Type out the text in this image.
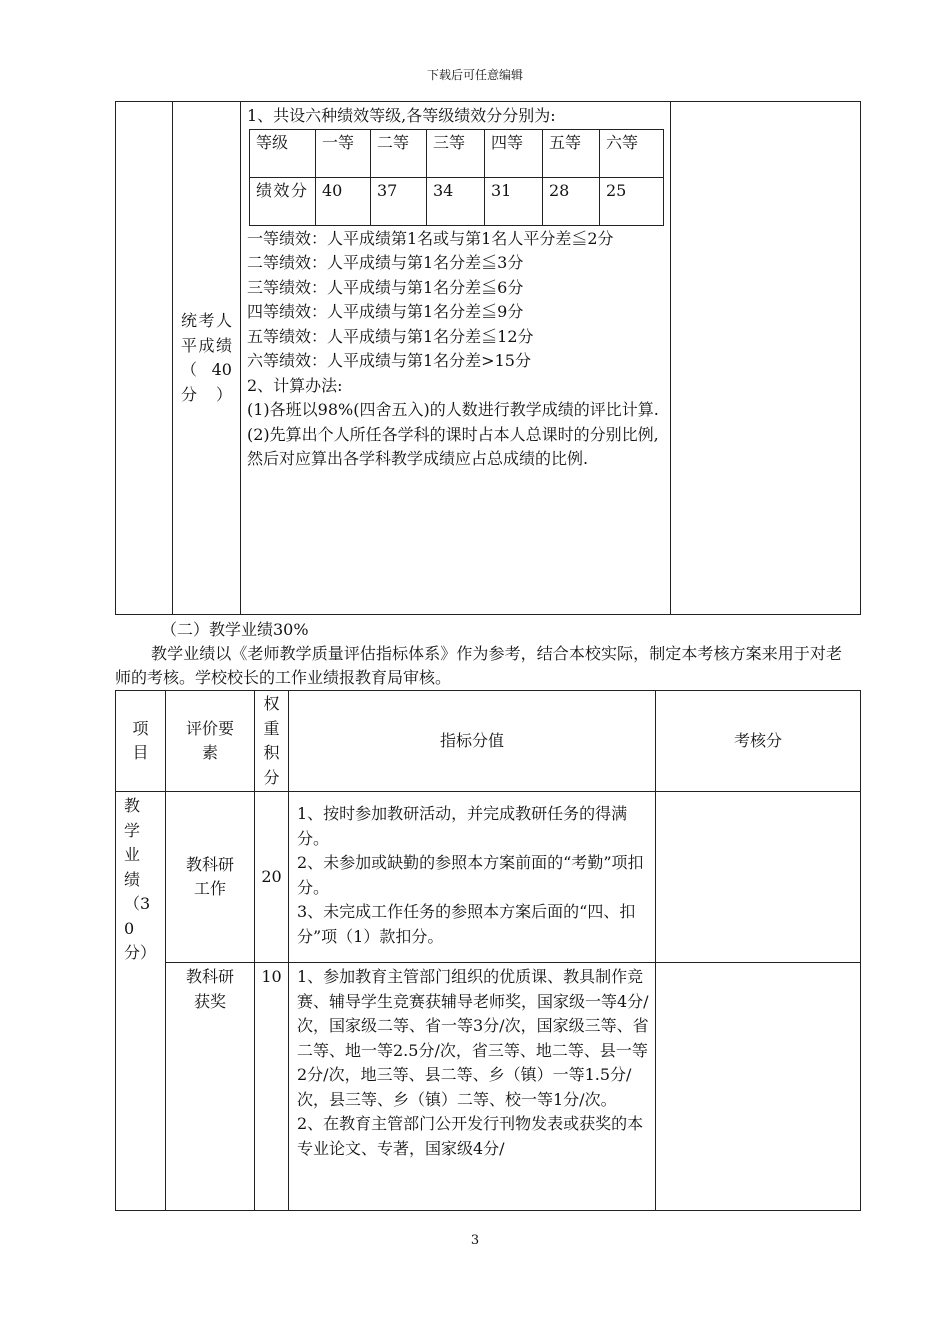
下载后可任意编辑

统考人平成绩（40分）

1、共设六种绩效等级,各等级绩效分分别为:

等级	一等	二等	三等	四等	五等	六等
绩效分	40	37	34	31	28	25

一等绩效：人平成绩第1名或与第1名人平分差≦2分

二等绩效：人平成绩与第1名分差≦3分

三等绩效：人平成绩与第1名分差≦6分

四等绩效：人平成绩与第1名分差≦9分

五等绩效：人平成绩与第1名分差≦12分

六等绩效：人平成绩与第1名分差>15分

2、计算办法:

(1)各班以98%(四舍五入)的人数进行教学成绩的评比计算.

(2)先算出个人所任各学科的课时占本人总课时的分别比例,然后对应算出各学科教学成绩应占总成绩的比例.

（二）教学业绩30%
教学业绩以《老师教学质量评估指标体系》作为参考，结合本校实际，制定本考核方案来用于对老师的考核。学校校长的工作业绩报教育局审核。
项目	评价要素	权重积分	指标分值	考核分
教学业绩（30分）	教科研工作	20	1、按时参加教研活动，并完成教研任务的得满分。

2、未参加或缺勤的参照本方案前面的“考勤”项扣分。

3、未完成工作任务的参照本方案后面的“四、扣分”项（1）款扣分。	

	教科研获奖	10	1、参加教育主管部门组织的优质课、教具制作竞赛、辅导学生竞赛获辅导老师奖，国家级一等4分/次，国家级二等、省一等3分/次，国家级三等、省二等、地一等2.5分/次，省三等、地二等、县一等2分/次，地三等、县二等、乡（镇）一等1.5分/次，县三等、乡（镇）二等、校一等1分/次。

2、在教育主管部门公开发行刊物发表或获奖的本专业论文、专著，国家级4分/	

3
